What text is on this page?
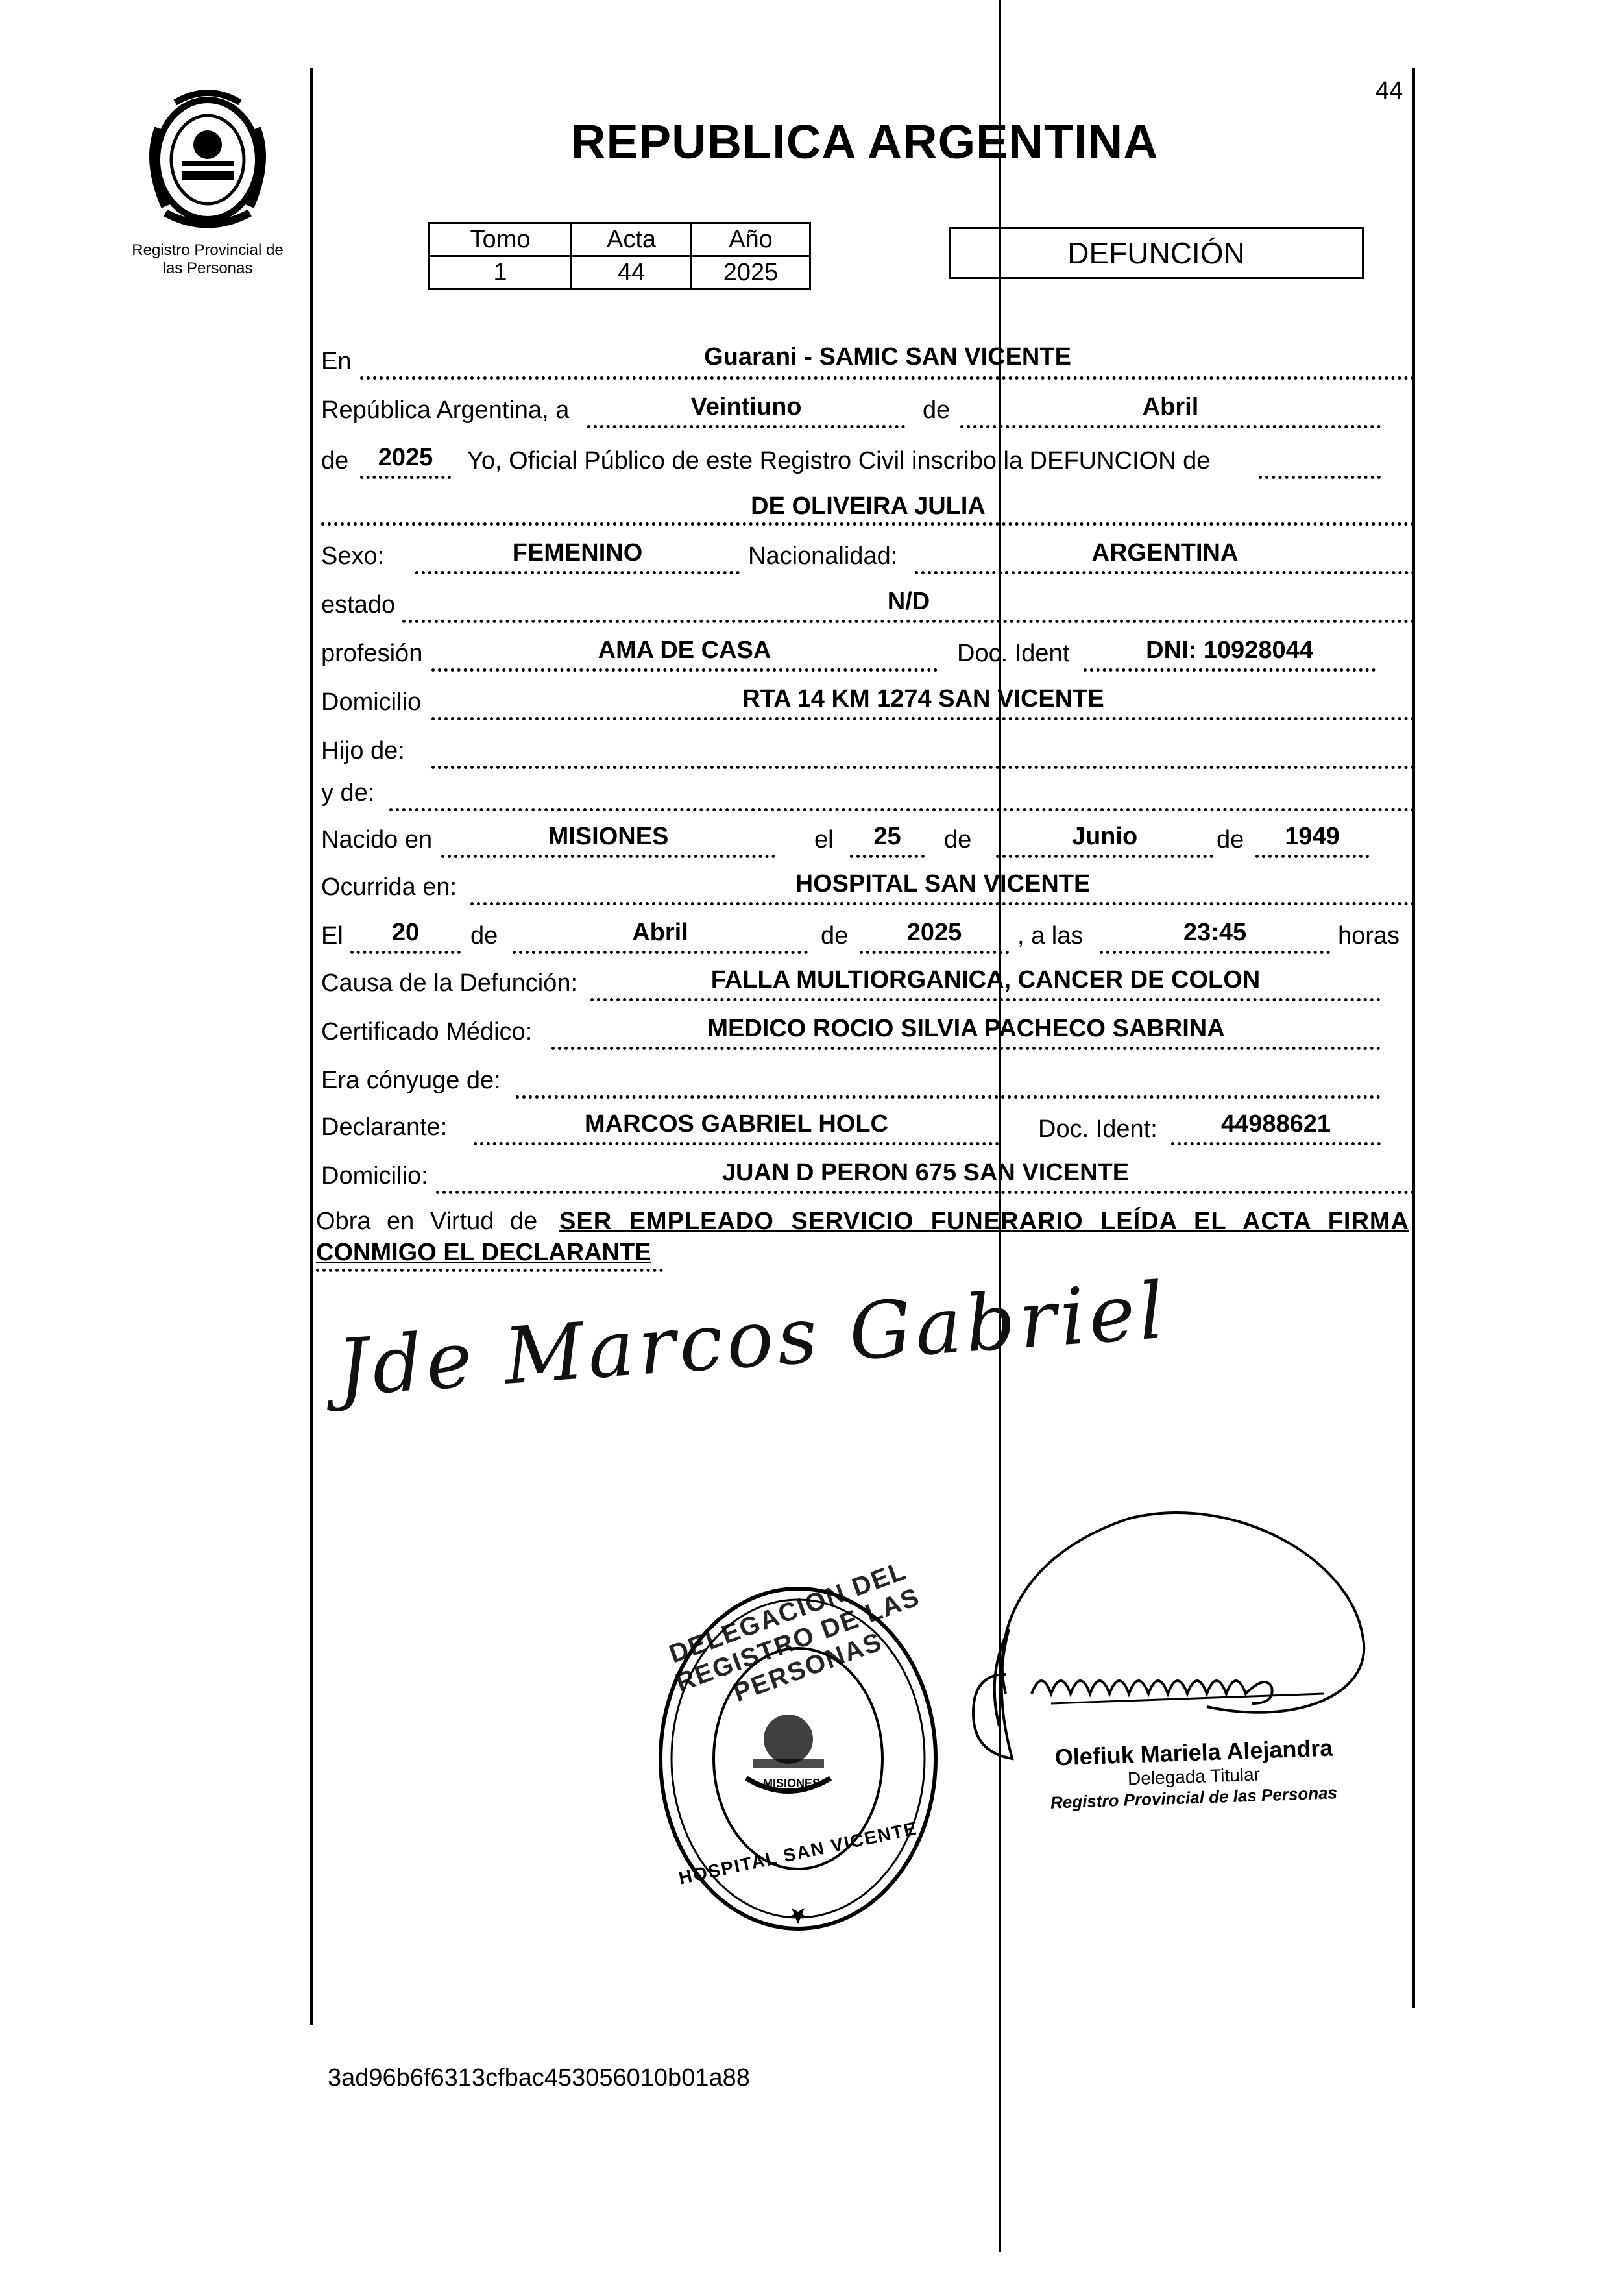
44
Registro Provincial de
las Personas
REPUBLICA ARGENTINA
Tomo	Acta	Año
1	44	2025
DEFUNCIÓN
En	Guarani - SAMIC SAN VICENTE
República Argentina, a	Veintiuno	de	Abril
de	2025	Yo, Oficial Público de este Registro Civil inscribo la DEFUNCION de
DE OLIVEIRA JULIA
Sexo:	FEMENINO	Nacionalidad:	ARGENTINA
estado	N/D
profesión	AMA DE CASA	Doc. Ident	DNI: 10928044
Domicilio	RTA 14 KM 1274 SAN VICENTE
Hijo de:
y de:
Nacido en	MISIONES	el	25	de	Junio	de	1949
Ocurrida en:	HOSPITAL SAN VICENTE
El	20	de	Abril	de	2025	, a las	23:45	horas
Causa de la Defunción:	FALLA MULTIORGANICA, CANCER DE COLON
Certificado Médico:	MEDICO ROCIO SILVIA PACHECO SABRINA
Era cónyuge de:
Declarante:	MARCOS GABRIEL HOLC	Doc. Ident:	44988621
Domicilio:	JUAN D PERON 675 SAN VICENTE
Obra en Virtud de SER EMPLEADO SERVICIO FUNERARIO LEÍDA EL ACTA FIRMA
CONMIGO EL DECLARANTE
Jde Marcos Gabriel
DELEGACION DEL REGISTRO DE LAS PERSONAS
HOSPITAL SAN VICENTE
MISIONES
Olefiuk Mariela Alejandra
Delegada Titular
Registro Provincial de las Personas
3ad96b6f6313cfbac453056010b01a88
